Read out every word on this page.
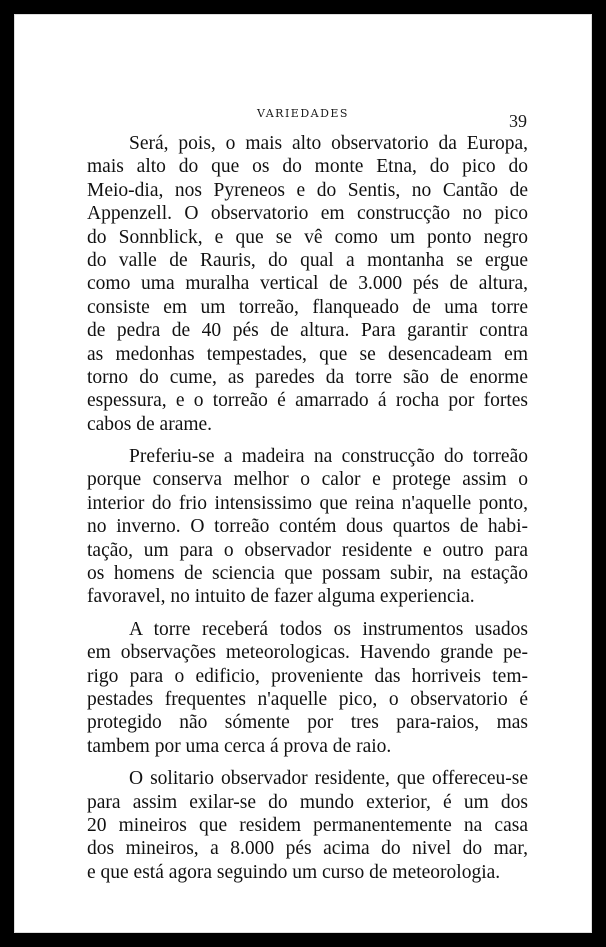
VARIEDADES	39
Será, pois, o mais alto observatorio da Europa,
mais alto do que os do monte Etna, do pico do
Meio-dia, nos Pyreneos e do Sentis, no Cantão de
Appenzell. O observatorio em construcção no pico
do Sonnblick, e que se vê como um ponto negro
do valle de Rauris, do qual a montanha se ergue
como uma muralha vertical de 3.000 pés de altura,
consiste em um torreão, flanqueado de uma torre
de pedra de 40 pés de altura. Para garantir contra
as medonhas tempestades, que se desencadeam em
torno do cume, as paredes da torre são de enorme
espessura, e o torreão é amarrado á rocha por fortes
cabos de arame.
Preferiu-se a madeira na construcção do torreão
porque conserva melhor o calor e protege assim o
interior do frio intensissimo que reina n'aquelle ponto,
no inverno. O torreão contém dous quartos de habi-
tação, um para o observador residente e outro para
os homens de sciencia que possam subir, na estação
favoravel, no intuito de fazer alguma experiencia.
A torre receberá todos os instrumentos usados
em observações meteorologicas. Havendo grande pe-
rigo para o edificio, proveniente das horriveis tem-
pestades frequentes n'aquelle pico, o observatorio é
protegido não sómente por tres para-raios, mas
tambem por uma cerca á prova de raio.
O solitario observador residente, que offereceu-se
para assim exilar-se do mundo exterior, é um dos
20 mineiros que residem permanentemente na casa
dos mineiros, a 8.000 pés acima do nivel do mar,
e que está agora seguindo um curso de meteorologia.
